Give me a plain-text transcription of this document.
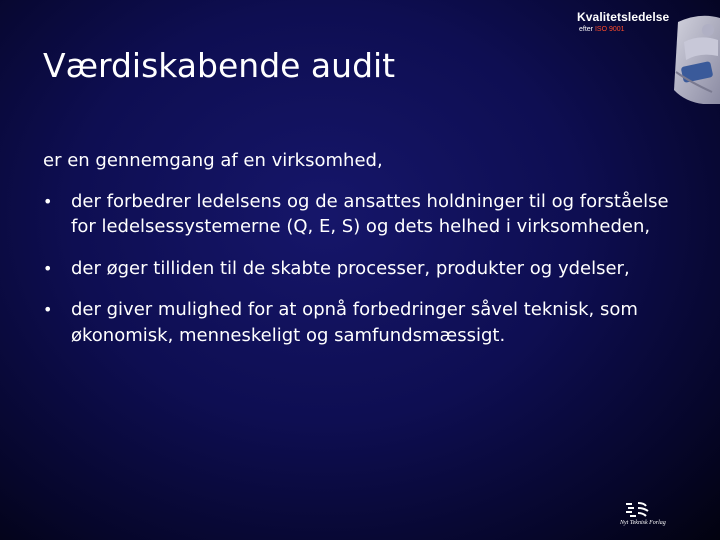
Kvalitetsledelse
efter ISO 9001
Værdiskabende audit

er en gennemgang af en virksomhed,

• der forbedrer ledelsens og de ansattes holdninger til og forståelse for ledelsessystemerne (Q, E, S) og dets helhed i virksomheden,
• der øger tilliden til de skabte processer, produkter og ydelser,
• der giver mulighed for at opnå forbedringer såvel teknisk, som økonomisk, menneskeligt og samfundsmæssigt.
Nyt Teknisk Forlag
